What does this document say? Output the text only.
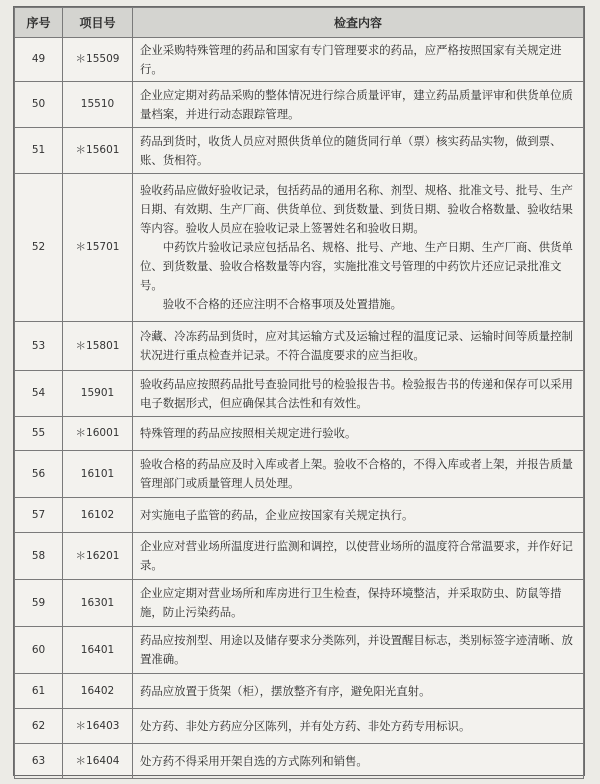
序号	项目号	检查内容
49	＊15509	企业采购特殊管理的药品和国家有专门管理要求的药品，应严格按照国家有关规定进行。

50	15510	企业应定期对药品采购的整体情况进行综合质量评审，建立药品质量评审和供货单位质量档案，并进行动态跟踪管理。

51	＊15601	药品到货时，收货人员应对照供货单位的随货同行单（票）核实药品实物，做到票、账、货相符。

52	＊15701	验收药品应做好验收记录，包括药品的通用名称、剂型、规格、批准文号、批号、生产日期、有效期、生产厂商、供货单位、到货数量、到货日期、验收合格数量、验收结果等内容。验收人员应在验收记录上签署姓名和验收日期。
中药饮片验收记录应包括品名、规格、批号、产地、生产日期、生产厂商、供货单位、到货数量、验收合格数量等内容，实施批准文号管理的中药饮片还应记录批准文号。
验收不合格的还应注明不合格事项及处置措施。

53	＊15801	冷藏、冷冻药品到货时，应对其运输方式及运输过程的温度记录、运输时间等质量控制状况进行重点检查并记录。不符合温度要求的应当拒收。

54	15901	验收药品应按照药品批号查验同批号的检验报告书。检验报告书的传递和保存可以采用电子数据形式，但应确保其合法性和有效性。

55	＊16001	特殊管理的药品应按照相关规定进行验收。

56	16101	验收合格的药品应及时入库或者上架。验收不合格的，不得入库或者上架，并报告质量管理部门或质量管理人员处理。

57	16102	对实施电子监管的药品，企业应按国家有关规定执行。

58	＊16201	企业应对营业场所温度进行监测和调控，以使营业场所的温度符合常温要求，并作好记录。

59	16301	企业应定期对营业场所和库房进行卫生检查，保持环境整洁，并采取防虫、防鼠等措施，防止污染药品。

60	16401	药品应按剂型、用途以及储存要求分类陈列，并设置醒目标志，类别标签字迹清晰、放置准确。

61	16402	药品应放置于货架（柜），摆放整齐有序，避免阳光直射。

62	＊16403	处方药、非处方药应分区陈列，并有处方药、非处方药专用标识。

63	＊16404	处方药不得采用开架自选的方式陈列和销售。
